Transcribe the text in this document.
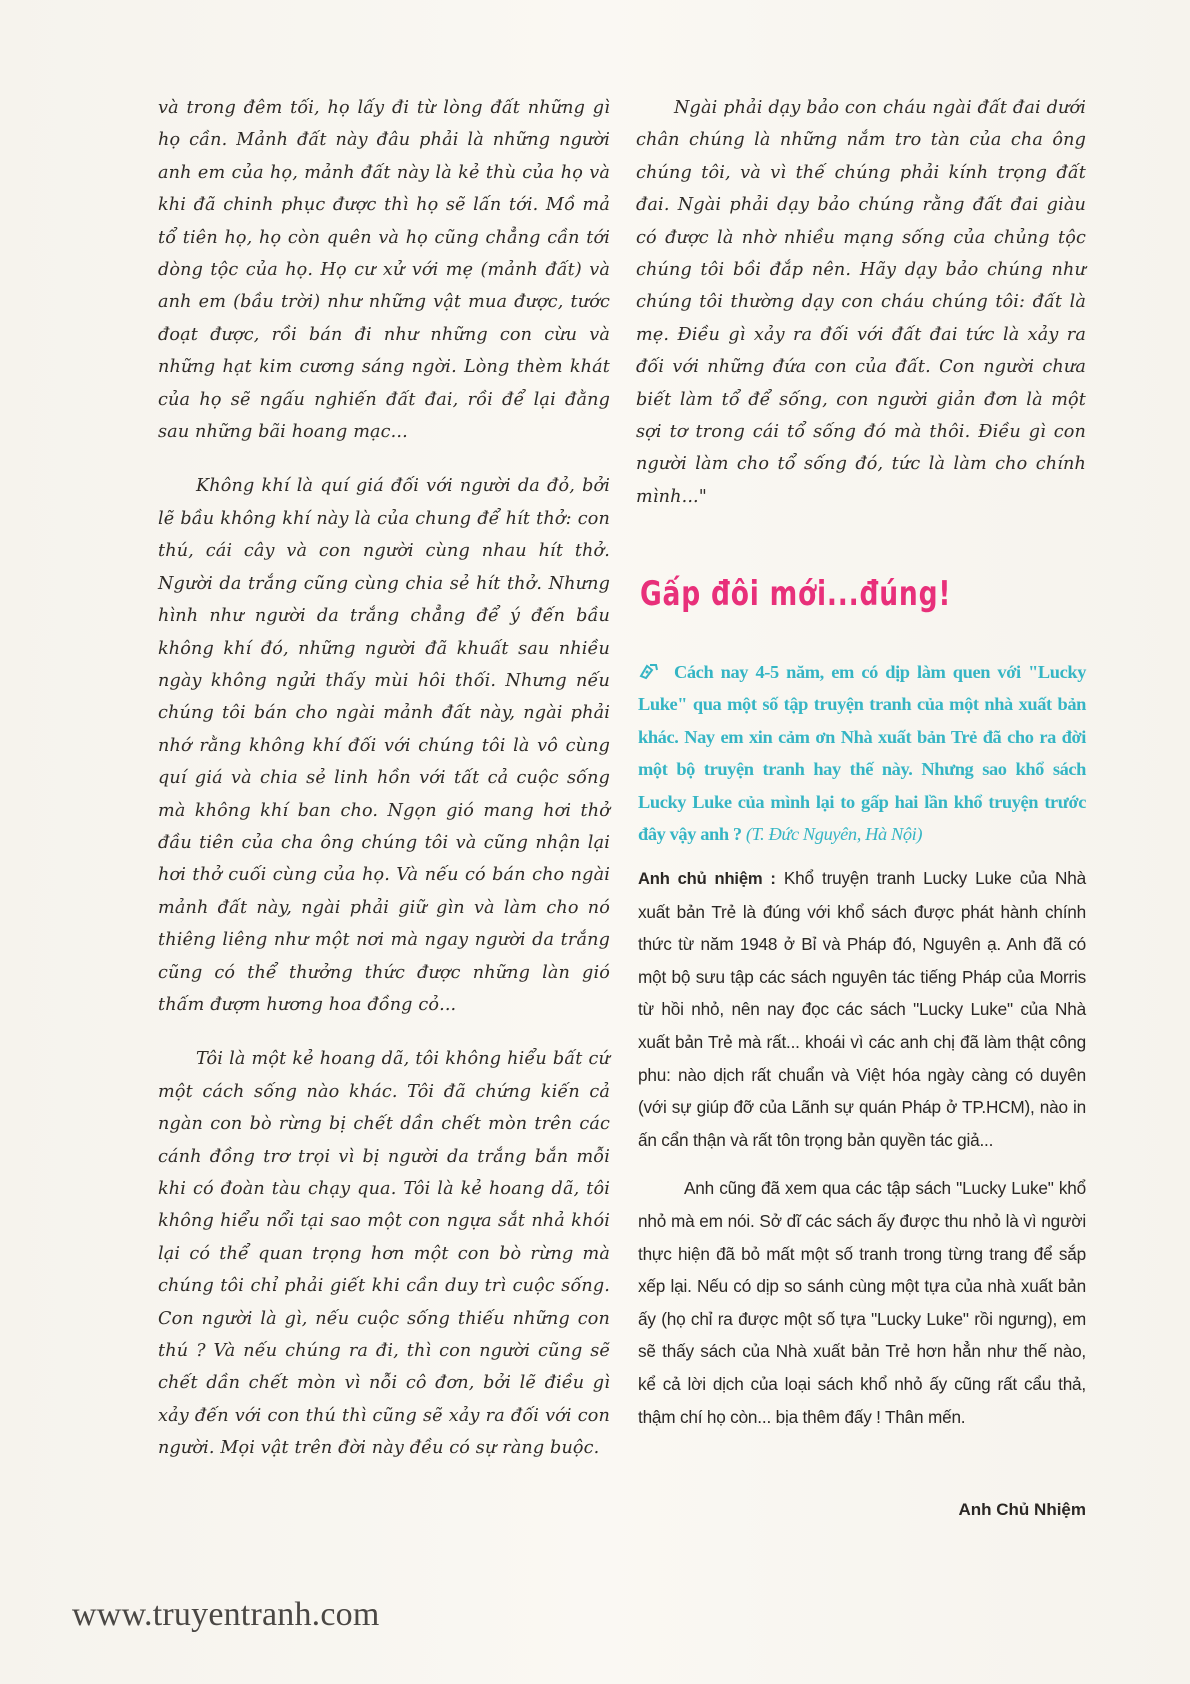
và trong đêm tối, họ lấy đi từ lòng đất những gì họ cần. Mảnh đất này đâu phải là những người anh em của họ, mảnh đất này là kẻ thù của họ và khi đã chinh phục được thì họ sẽ lấn tới. Mồ mả tổ tiên họ, họ còn quên và họ cũng chẳng cần tới dòng tộc của họ. Họ cư xử với mẹ (mảnh đất) và anh em (bầu trời) như những vật mua được, tước đoạt được, rồi bán đi như những con cừu và những hạt kim cương sáng ngời. Lòng thèm khát của họ sẽ ngấu nghiến đất đai, rồi để lại đằng sau những bãi hoang mạc...

Không khí là quí giá đối với người da đỏ, bởi lẽ bầu không khí này là của chung để hít thở: con thú, cái cây và con người cùng nhau hít thở. Người da trắng cũng cùng chia sẻ hít thở. Nhưng hình như người da trắng chẳng để ý đến bầu không khí đó, những người đã khuất sau nhiều ngày không ngửi thấy mùi hôi thối. Nhưng nếu chúng tôi bán cho ngài mảnh đất này, ngài phải nhớ rằng không khí đối với chúng tôi là vô cùng quí giá và chia sẻ linh hồn với tất cả cuộc sống mà không khí ban cho. Ngọn gió mang hơi thở đầu tiên của cha ông chúng tôi và cũng nhận lại hơi thở cuối cùng của họ. Và nếu có bán cho ngài mảnh đất này, ngài phải giữ gìn và làm cho nó thiêng liêng như một nơi mà ngay người da trắng cũng có thể thưởng thức được những làn gió thấm đượm hương hoa đồng cỏ...

Tôi là một kẻ hoang dã, tôi không hiểu bất cứ một cách sống nào khác. Tôi đã chứng kiến cả ngàn con bò rừng bị chết dần chết mòn trên các cánh đồng trơ trọi vì bị người da trắng bắn mỗi khi có đoàn tàu chạy qua. Tôi là kẻ hoang dã, tôi không hiểu nổi tại sao một con ngựa sắt nhả khói lại có thể quan trọng hơn một con bò rừng mà chúng tôi chỉ phải giết khi cần duy trì cuộc sống. Con người là gì, nếu cuộc sống thiếu những con thú ? Và nếu chúng ra đi, thì con người cũng sẽ chết dần chết mòn vì nỗi cô đơn, bởi lẽ điều gì xảy đến với con thú thì cũng sẽ xảy ra đối với con người. Mọi vật trên đời này đều có sự ràng buộc.

Ngài phải dạy bảo con cháu ngài đất đai dưới chân chúng là những nắm tro tàn của cha ông chúng tôi, và vì thế chúng phải kính trọng đất đai. Ngài phải dạy bảo chúng rằng đất đai giàu có được là nhờ nhiều mạng sống của chủng tộc chúng tôi bồi đắp nên. Hãy dạy bảo chúng như chúng tôi thường dạy con cháu chúng tôi: đất là mẹ. Điều gì xảy ra đối với đất đai tức là xảy ra đối với những đứa con của đất. Con người chưa biết làm tổ để sống, con người giản đơn là một sợi tơ trong cái tổ sống đó mà thôi. Điều gì con người làm cho tổ sống đó, tức là làm cho chính mình..."

Gấp đôi mới...đúng!
Cách nay 4-5 năm, em có dịp làm quen với "Lucky Luke" qua một số tập truyện tranh của một nhà xuất bản khác. Nay em xin cảm ơn Nhà xuất bản Trẻ đã cho ra đời một bộ truyện tranh hay thế này. Nhưng sao khổ sách Lucky Luke của mình lại to gấp hai lần khổ truyện trước đây vậy anh ? (T. Đức Nguyên, Hà Nội)

Anh chủ nhiệm : Khổ truyện tranh Lucky Luke của Nhà xuất bản Trẻ là đúng với khổ sách được phát hành chính thức từ năm 1948 ở Bỉ và Pháp đó, Nguyên ạ. Anh đã có một bộ sưu tập các sách nguyên tác tiếng Pháp của Morris từ hồi nhỏ, nên nay đọc các sách "Lucky Luke" của Nhà xuất bản Trẻ mà rất... khoái vì các anh chị đã làm thật công phu: nào dịch rất chuẩn và Việt hóa ngày càng có duyên (với sự giúp đỡ của Lãnh sự quán Pháp ở TP.HCM), nào in ấn cẩn thận và rất tôn trọng bản quyền tác giả...

Anh cũng đã xem qua các tập sách "Lucky Luke" khổ nhỏ mà em nói. Sở dĩ các sách ấy được thu nhỏ là vì người thực hiện đã bỏ mất một số tranh trong từng trang để sắp xếp lại. Nếu có dịp so sánh cùng một tựa của nhà xuất bản ấy (họ chỉ ra được một số tựa "Lucky Luke" rồi ngưng), em sẽ thấy sách của Nhà xuất bản Trẻ hơn hẳn như thế nào, kể cả lời dịch của loại sách khổ nhỏ ấy cũng rất cẩu thả, thậm chí họ còn... bịa thêm đấy ! Thân mến.

Anh Chủ Nhiệm
www.truyentranh.com
